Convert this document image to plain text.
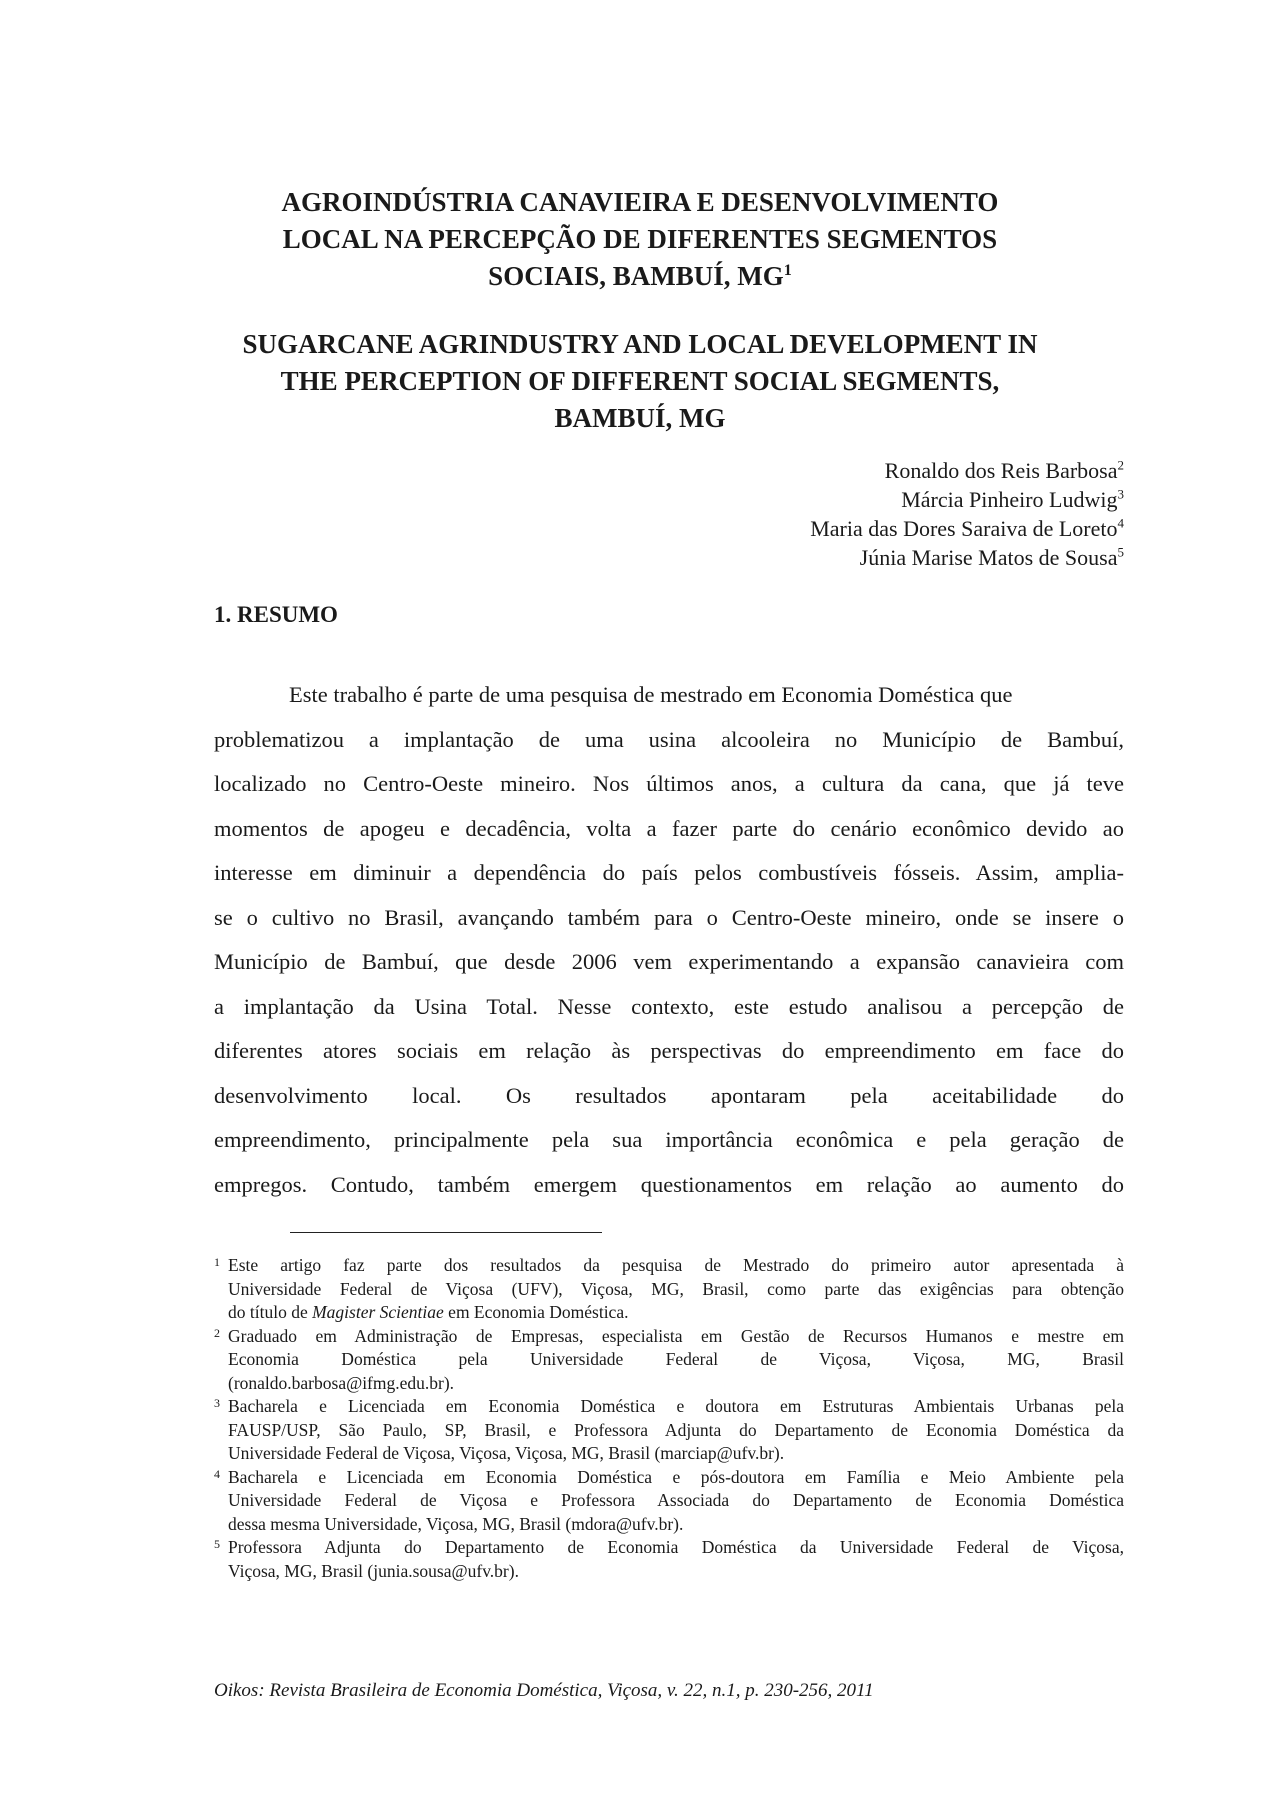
AGROINDÚSTRIA CANAVIEIRA E DESENVOLVIMENTO
LOCAL NA PERCEPÇÃO DE DIFERENTES SEGMENTOS
SOCIAIS, BAMBUÍ, MG$^1$
SUGARCANE AGRINDUSTRY AND LOCAL DEVELOPMENT IN
THE PERCEPTION OF DIFFERENT SOCIAL SEGMENTS,
BAMBUÍ, MG
Ronaldo dos Reis Barbosa$^2$
Márcia Pinheiro Ludwig$^3$
Maria das Dores Saraiva de Loreto$^4$
Júnia Marise Matos de Sousa$^5$
1. RESUMO
Este trabalho é parte de uma pesquisa de mestrado em Economia Doméstica que
problematizou a implantação de uma usina alcooleira no Município de Bambuí,
localizado no Centro-Oeste mineiro. Nos últimos anos, a cultura da cana, que já teve
momentos de apogeu e decadência, volta a fazer parte do cenário econômico devido ao
interesse em diminuir a dependência do país pelos combustíveis fósseis. Assim, amplia-
se o cultivo no Brasil, avançando também para o Centro-Oeste mineiro, onde se insere o
Município de Bambuí, que desde 2006 vem experimentando a expansão canavieira com
a implantação da Usina Total. Nesse contexto, este estudo analisou a percepção de
diferentes atores sociais em relação às perspectivas do empreendimento em face do
desenvolvimento local. Os resultados apontaram pela aceitabilidade do
empreendimento, principalmente pela sua importância econômica e pela geração de
empregos. Contudo, também emergem questionamentos em relação ao aumento do
1 Este artigo faz parte dos resultados da pesquisa de Mestrado do primeiro autor apresentada à
Universidade Federal de Viçosa (UFV), Viçosa, MG, Brasil, como parte das exigências para obtenção
do título de Magister Scientiae em Economia Doméstica.
2 Graduado em Administração de Empresas, especialista em Gestão de Recursos Humanos e mestre em
Economia Doméstica pela Universidade Federal de Viçosa, Viçosa, MG, Brasil
(ronaldo.barbosa@ifmg.edu.br).
3 Bacharela e Licenciada em Economia Doméstica e doutora em Estruturas Ambientais Urbanas pela
FAUSP/USP, São Paulo, SP, Brasil, e Professora Adjunta do Departamento de Economia Doméstica da
Universidade Federal de Viçosa, Viçosa, Viçosa, MG, Brasil (marciap@ufv.br).
4 Bacharela e Licenciada em Economia Doméstica e pós-doutora em Família e Meio Ambiente pela
Universidade Federal de Viçosa e Professora Associada do Departamento de Economia Doméstica
dessa mesma Universidade, Viçosa, MG, Brasil (mdora@ufv.br).
5 Professora Adjunta do Departamento de Economia Doméstica da Universidade Federal de Viçosa,
Viçosa, MG, Brasil (junia.sousa@ufv.br).
Oikos: Revista Brasileira de Economia Doméstica, Viçosa, v. 22, n.1, p. 230-256, 2011
